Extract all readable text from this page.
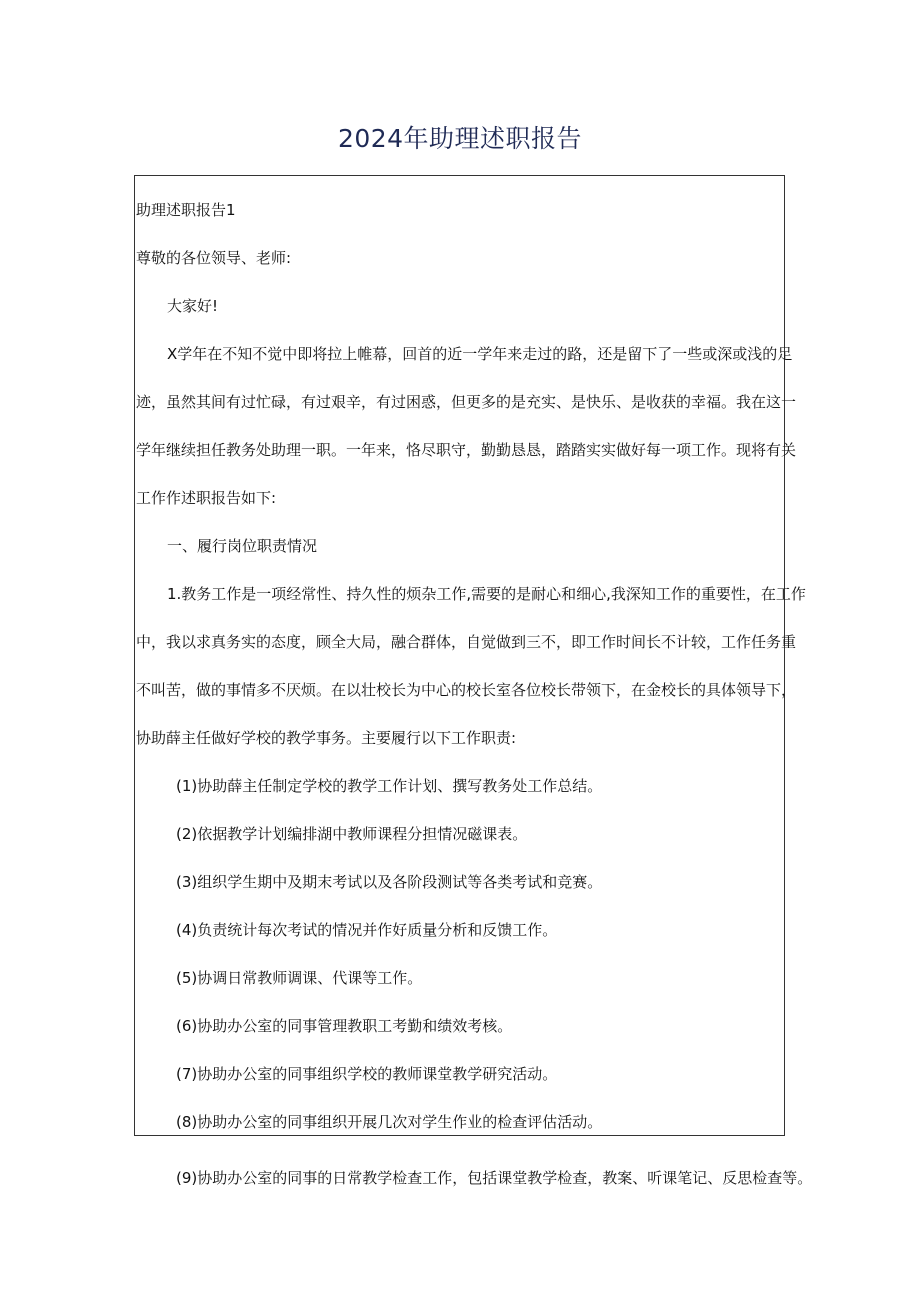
2024年助理述职报告
助理述职报告1
尊敬的各位领导、老师:
大家好!
X学年在不知不觉中即将拉上帷幕，回首的近一学年来走过的路，还是留下了一些或深或浅的足
迹，虽然其间有过忙碌，有过艰辛，有过困惑，但更多的是充实、是快乐、是收获的幸福。我在这一
学年继续担任教务处助理一职。一年来，恪尽职守，勤勤恳恳，踏踏实实做好每一项工作。现将有关
工作作述职报告如下:
一、履行岗位职责情况
1.教务工作是一项经常性、持久性的烦杂工作,需要的是耐心和细心,我深知工作的重要性，在工作
中，我以求真务实的态度，顾全大局，融合群体，自觉做到三不，即工作时间长不计较，工作任务重
不叫苦，做的事情多不厌烦。在以壮校长为中心的校长室各位校长带领下，在金校长的具体领导下，
协助薛主任做好学校的教学事务。主要履行以下工作职责:
(1)协助薛主任制定学校的教学工作计划、撰写教务处工作总结。
(2)依据教学计划编排湖中教师课程分担情况磁课表。
(3)组织学生期中及期末考试以及各阶段测试等各类考试和竞赛。
(4)负责统计每次考试的情况并作好质量分析和反馈工作。
(5)协调日常教师调课、代课等工作。
(6)协助办公室的同事管理教职工考勤和绩效考核。
(7)协助办公室的同事组织学校的教师课堂教学研究活动。
(8)协助办公室的同事组织开展几次对学生作业的检查评估活动。
(9)协助办公室的同事的日常教学检查工作，包括课堂教学检查，教案、听课笔记、反思检查等。
